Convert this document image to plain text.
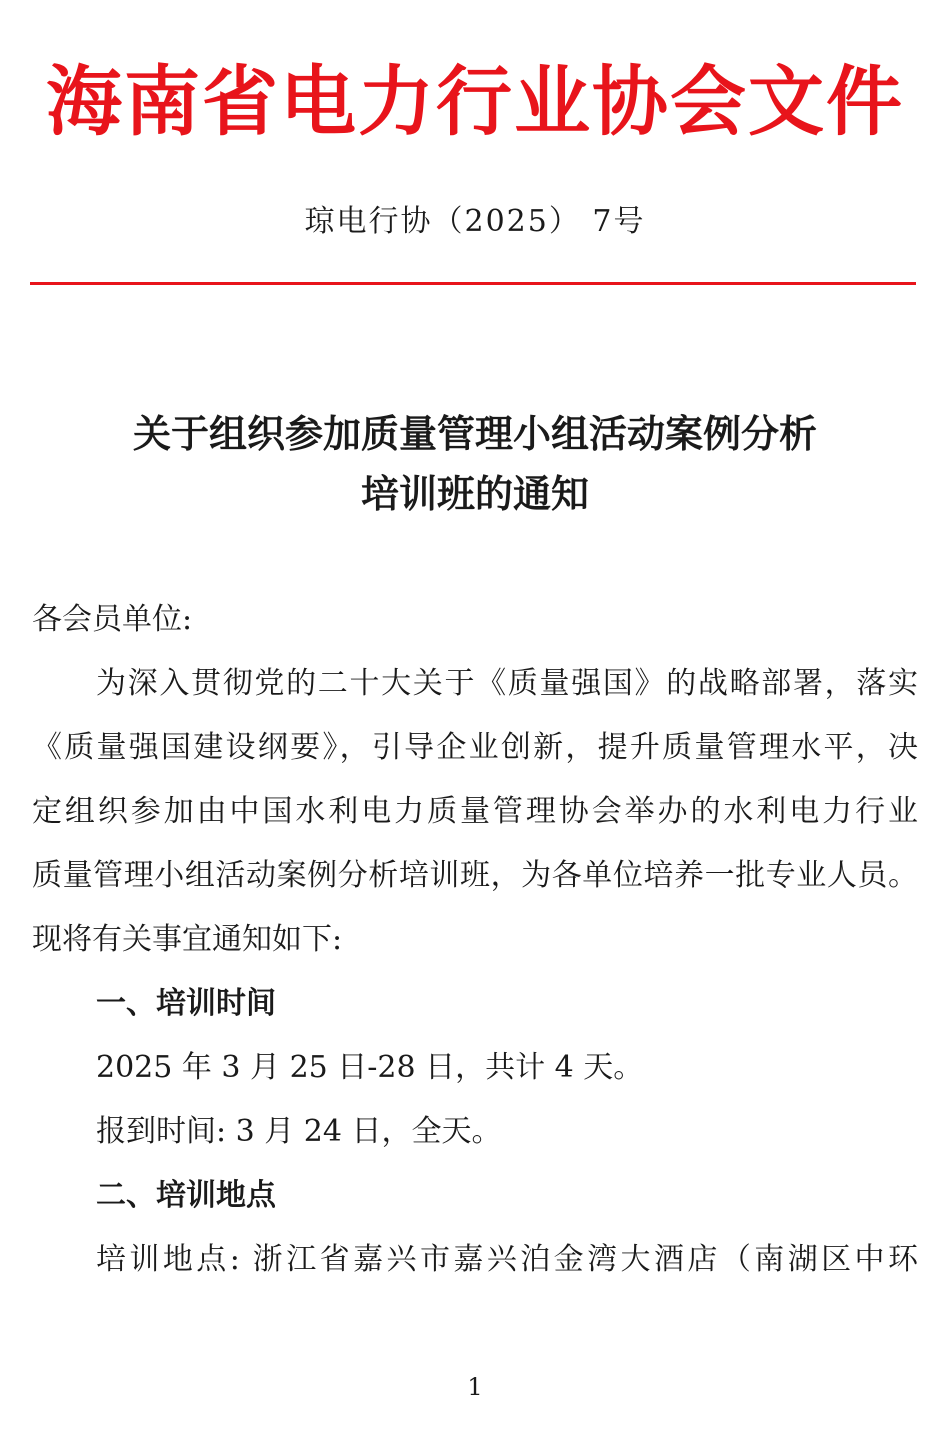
海南省电力行业协会文件
琼电行协（2025） 7号
关于组织参加质量管理小组活动案例分析
培训班的通知
各会员单位:
为深入贯彻党的二十大关于《质量强国》的战略部署，落实
《质量强国建设纲要》，引导企业创新，提升质量管理水平，决
定组织参加由中国水利电力质量管理协会举办的水利电力行业
质量管理小组活动案例分析培训班，为各单位培养一批专业人员。
现将有关事宜通知如下:
一、培训时间
2025 年 3 月 25 日-28 日，共计 4 天。
报到时间: 3 月 24 日，全天。
二、培训地点
培训地点: 浙江省嘉兴市嘉兴泊金湾大酒店（南湖区中环
1
